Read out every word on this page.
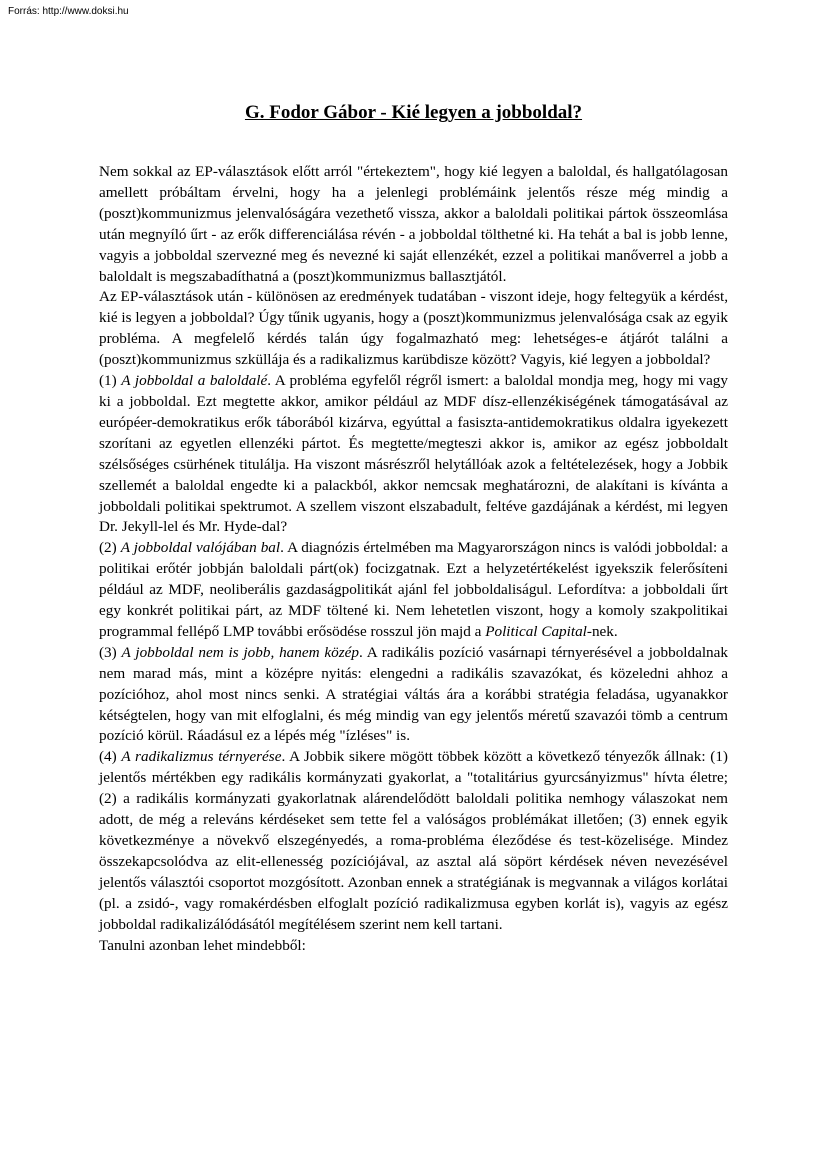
Forrás: http://www.doksi.hu
G. Fodor Gábor - Kié legyen a jobboldal?

Nem sokkal az EP-választások előtt arról "értekeztem", hogy kié legyen a baloldal, és hallgatólagosan amellett próbáltam érvelni, hogy ha a jelenlegi problémáink jelentős része még mindig a (poszt)kommunizmus jelenvalóságára vezethető vissza, akkor a baloldali politikai pártok összeomlása után megnyíló űrt - az erők differenciálása révén - a jobboldal tölthetné ki. Ha tehát a bal is jobb lenne, vagyis a jobboldal szervezné meg és nevezné ki saját ellenzékét, ezzel a politikai manőverrel a jobb a baloldalt is megszabadíthatná a (poszt)kommunizmus ballasztjától.

Az EP-választások után - különösen az eredmények tudatában - viszont ideje, hogy feltegyük a kérdést, kié is legyen a jobboldal? Úgy tűnik ugyanis, hogy a (poszt)kommunizmus jelenvalósága csak az egyik probléma. A megfelelő kérdés talán úgy fogalmazható meg: lehetséges-e átjárót találni a (poszt)kommunizmus szküllája és a radikalizmus karübdisze között? Vagyis, kié legyen a jobboldal?

(1) A jobboldal a baloldalé. A probléma egyfelől régről ismert: a baloldal mondja meg, hogy mi vagy ki a jobboldal. Ezt megtette akkor, amikor például az MDF dísz-ellenzékiségének támogatásával az európéer-demokratikus erők táborából kizárva, egyúttal a fasiszta-antidemokratikus oldalra igyekezett szorítani az egyetlen ellenzéki pártot. És megtette/megteszi akkor is, amikor az egész jobboldalt szélsőséges csürhének titulálja. Ha viszont másrészről helytállóak azok a feltételezések, hogy a Jobbik szellemét a baloldal engedte ki a palackból, akkor nemcsak meghatározni, de alakítani is kívánta a jobboldali politikai spektrumot. A szellem viszont elszabadult, feltéve gazdájának a kérdést, mi legyen Dr. Jekyll-lel és Mr. Hyde-dal?

(2) A jobboldal valójában bal. A diagnózis értelmében ma Magyarországon nincs is valódi jobboldal: a politikai erőtér jobbján baloldali párt(ok) focizgatnak. Ezt a helyzetértékelést igyekszik felerősíteni például az MDF, neoliberális gazdaságpolitikát ajánl fel jobboldaliságul. Lefordítva: a jobboldali űrt egy konkrét politikai párt, az MDF töltené ki. Nem lehetetlen viszont, hogy a komoly szakpolitikai programmal fellépő LMP további erősödése rosszul jön majd a Political Capital-nek.

(3) A jobboldal nem is jobb, hanem közép. A radikális pozíció vasárnapi térnyerésével a jobboldalnak nem marad más, mint a középre nyitás: elengedni a radikális szavazókat, és közeledni ahhoz a pozícióhoz, ahol most nincs senki. A stratégiai váltás ára a korábbi stratégia feladása, ugyanakkor kétségtelen, hogy van mit elfoglalni, és még mindig van egy jelentős méretű szavazói tömb a centrum pozíció körül. Ráadásul ez a lépés még "ízléses" is.

(4) A radikalizmus térnyerése. A Jobbik sikere mögött többek között a következő tényezők állnak: (1) jelentős mértékben egy radikális kormányzati gyakorlat, a "totalitárius gyurcsányizmus" hívta életre; (2) a radikális kormányzati gyakorlatnak alárendelődött baloldali politika nemhogy válaszokat nem adott, de még a releváns kérdéseket sem tette fel a valóságos problémákat illetően; (3) ennek egyik következménye a növekvő elszegényedés, a roma-probléma éleződése és test-közelisége. Mindez összekapcsolódva az elit-ellenesség pozíciójával, az asztal alá söpört kérdések néven nevezésével jelentős választói csoportot mozgósított. Azonban ennek a stratégiának is megvannak a világos korlátai (pl. a zsidó-, vagy romakérdésben elfoglalt pozíció radikalizmusa egyben korlát is), vagyis az egész jobboldal radikalizálódásától megítélésem szerint nem kell tartani.

Tanulni azonban lehet mindebből:
